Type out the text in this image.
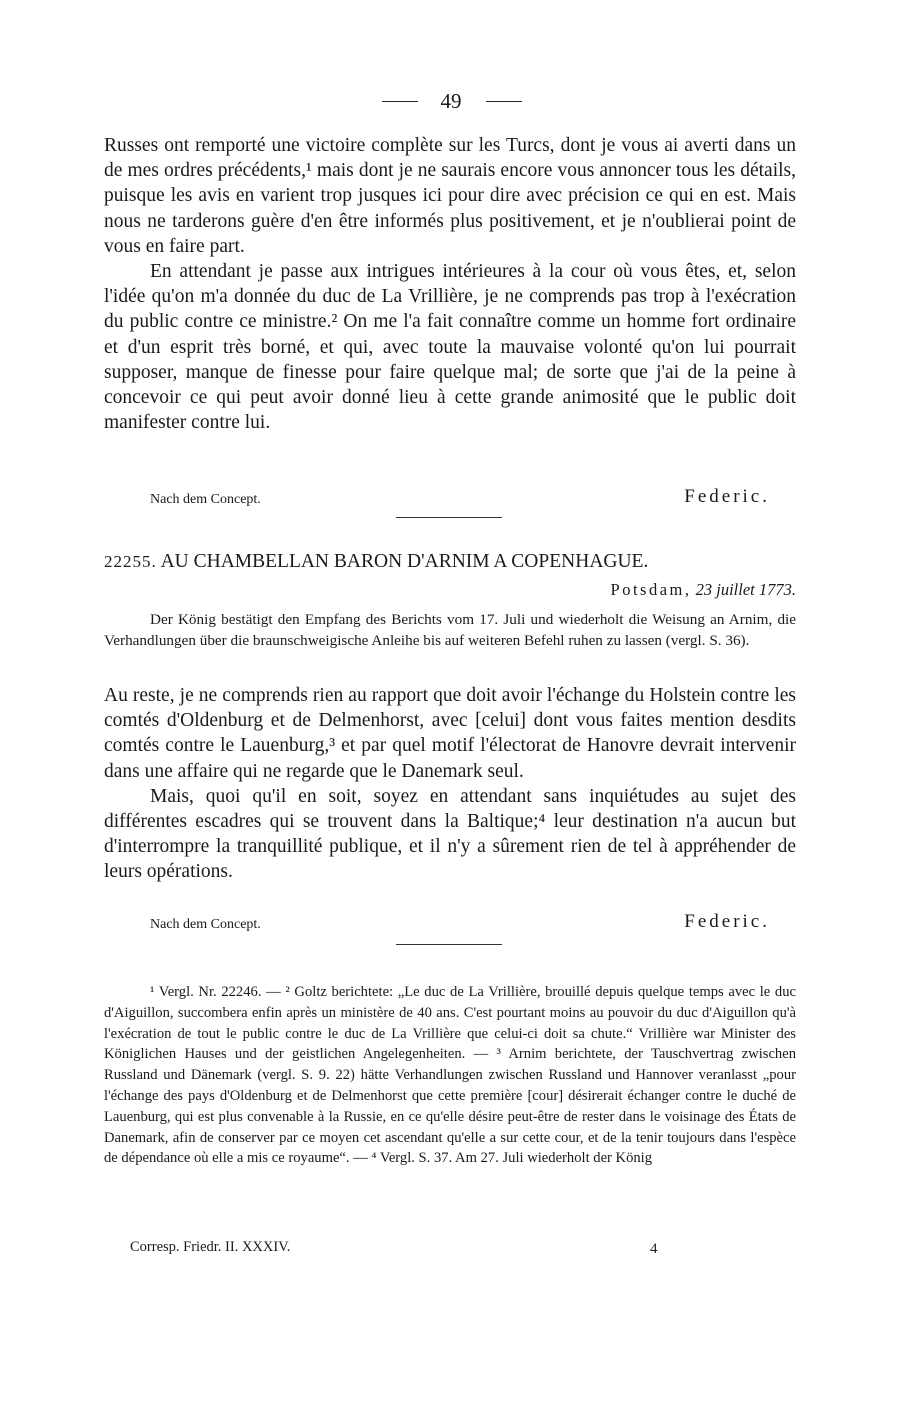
49

Russes ont remporté une victoire complète sur les Turcs, dont je vous ai averti dans un de mes ordres précédents,¹ mais dont je ne saurais encore vous annoncer tous les détails, puisque les avis en varient trop jusques ici pour dire avec précision ce qui en est. Mais nous ne tarderons guère d'en être informés plus positivement, et je n'oublierai point de vous en faire part.

En attendant je passe aux intrigues intérieures à la cour où vous êtes, et, selon l'idée qu'on m'a donnée du duc de La Vrillière, je ne comprends pas trop à l'exécration du public contre ce ministre.² On me l'a fait connaître comme un homme fort ordinaire et d'un esprit très borné, et qui, avec toute la mauvaise volonté qu'on lui pourrait supposer, manque de finesse pour faire quelque mal; de sorte que j'ai de la peine à concevoir ce qui peut avoir donné lieu à cette grande animosité que le public doit manifester contre lui.

Nach dem Concept.	Federic.
22255. AU CHAMBELLAN BARON D'ARNIM A COPENHAGUE.
Potsdam, 23 juillet 1773.

Der König bestätigt den Empfang des Berichts vom 17. Juli und wiederholt die Weisung an Arnim, die Verhandlungen über die braunschweigische Anleihe bis auf weiteren Befehl ruhen zu lassen (vergl. S. 36).

Au reste, je ne comprends rien au rapport que doit avoir l'échange du Holstein contre les comtés d'Oldenburg et de Delmenhorst, avec [celui] dont vous faites mention desdits comtés contre le Lauenburg,³ et par quel motif l'électorat de Hanovre devrait intervenir dans une affaire qui ne regarde que le Danemark seul.

Mais, quoi qu'il en soit, soyez en attendant sans inquiétudes au sujet des différentes escadres qui se trouvent dans la Baltique;⁴ leur destination n'a aucun but d'interrompre la tranquillité publique, et il n'y a sûrement rien de tel à appréhender de leurs opérations.

Nach dem Concept.	Federic.

¹ Vergl. Nr. 22246. — ² Goltz berichtete: „Le duc de La Vrillière, brouillé depuis quelque temps avec le duc d'Aiguillon, succombera enfin après un ministère de 40 ans. C'est pourtant moins au pouvoir du duc d'Aiguillon qu'à l'exécration de tout le public contre le duc de La Vrillière que celui-ci doit sa chute.“ Vrillière war Minister des Königlichen Hauses und der geistlichen Angelegenheiten. — ³ Arnim berichtete, der Tauschvertrag zwischen Russland und Dänemark (vergl. S. 9. 22) hätte Verhandlungen zwischen Russland und Hannover veranlasst „pour l'échange des pays d'Oldenburg et de Delmenhorst que cette première [cour] désirerait échanger contre le duché de Lauenburg, qui est plus convenable à la Russie, en ce qu'elle désire peut-être de rester dans le voisinage des États de Danemark, afin de conserver par ce moyen cet ascendant qu'elle a sur cette cour, et de la tenir toujours dans l'espèce de dépendance où elle a mis ce royaume“. — ⁴ Vergl. S. 37. Am 27. Juli wiederholt der König

Corresp. Friedr. II. XXXIV.	4
